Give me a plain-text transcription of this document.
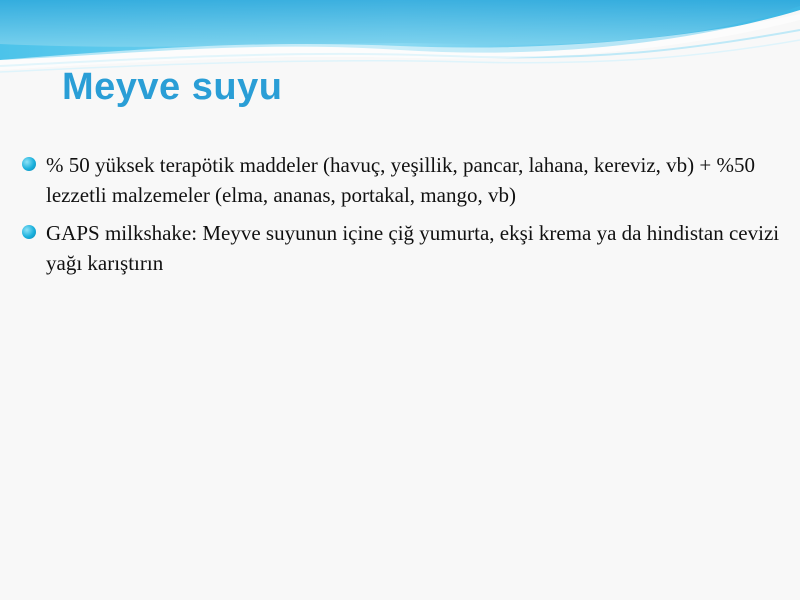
Meyve suyu
% 50 yüksek terapötik maddeler (havuç, yeşillik, pancar, lahana, kereviz, vb) + %50 lezzetli malzemeler (elma, ananas, portakal, mango, vb)
GAPS milkshake: Meyve suyunun içine çiğ yumurta, ekşi krema ya da hindistan cevizi yağı karıştırın
